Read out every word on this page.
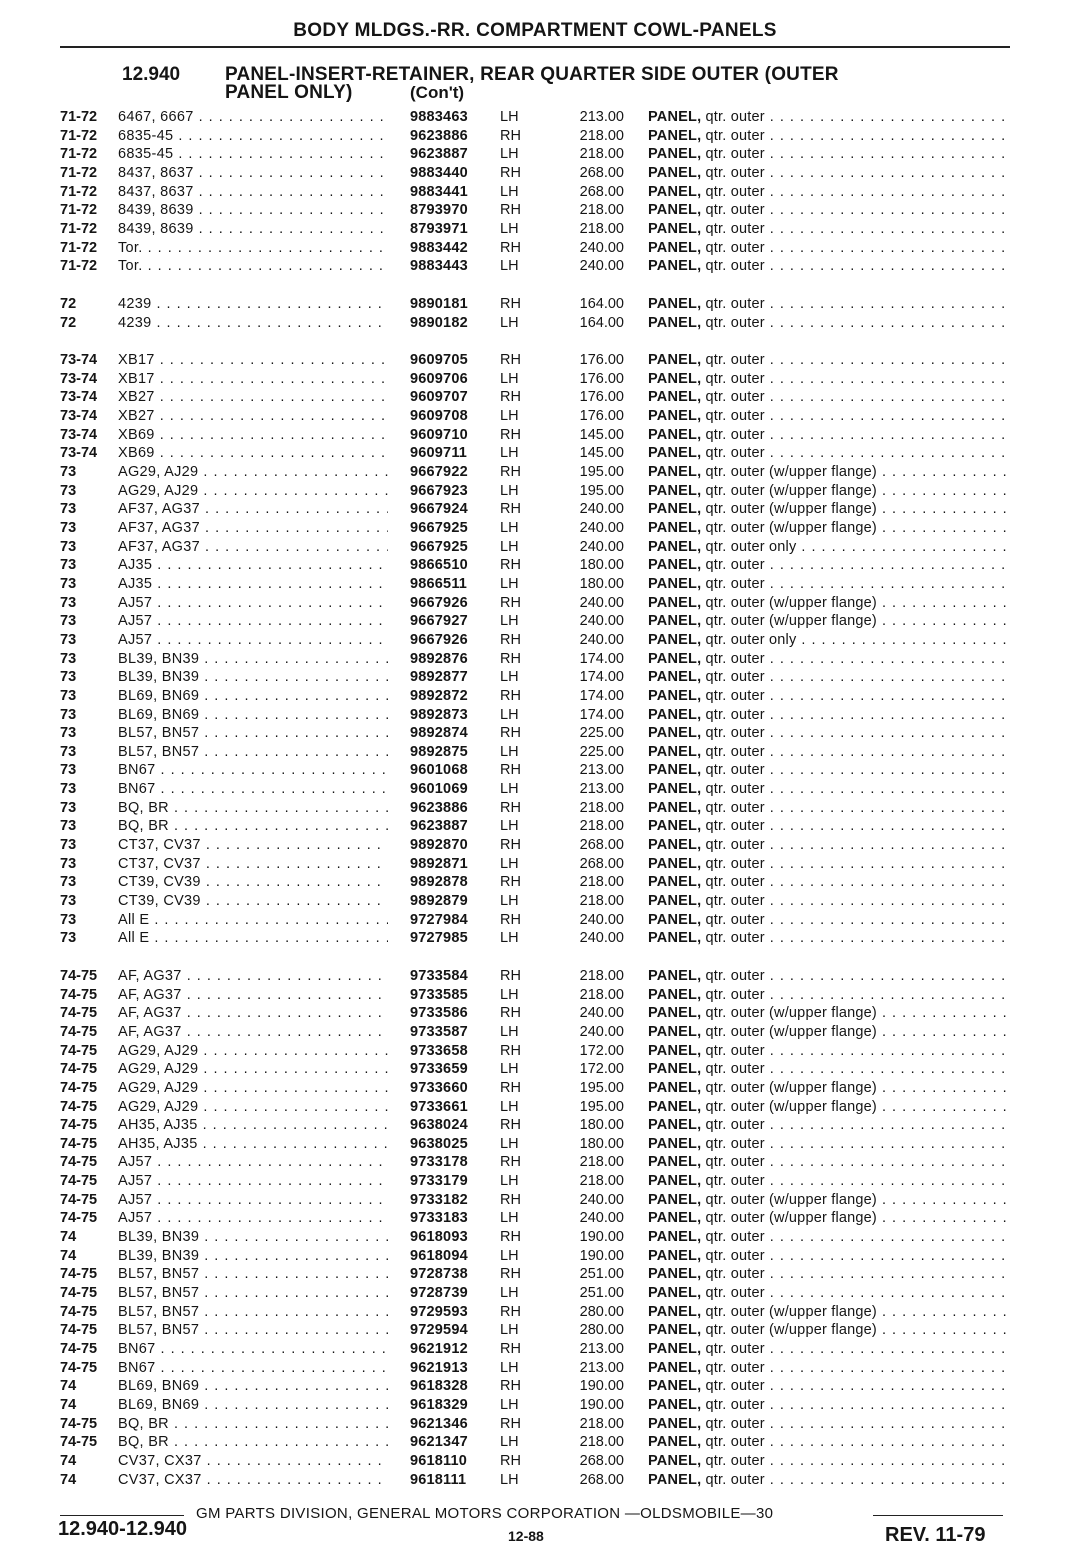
BODY MLDGS.-RR. COMPARTMENT COWL-PANELS
12.940 PANEL-INSERT-RETAINER, REAR QUARTER SIDE OUTER (OUTER
PANEL ONLY)	(Con't)
71-72	6467, 6667 . . .	9883463	LH	213.00 PANEL, qtr. outer . . .
71-72	6835-45 . . .	9623886	RH	218.00 PANEL, qtr. outer . . .
71-72	6835-45 . . .	9623887	LH	218.00 PANEL, qtr. outer . . .
71-72	8437, 8637 . . .	9883440	RH	268.00 PANEL, qtr. outer . . .
71-72	8437, 8637 . . .	9883441	LH	268.00 PANEL, qtr. outer . . .
71-72	8439, 8639 . . .	8793970	RH	218.00 PANEL, qtr. outer . . .
71-72	8439, 8639 . . .	8793971	LH	218.00 PANEL, qtr. outer . . .
71-72	Tor. . . .	9883442	RH	240.00 PANEL, qtr. outer . . .
71-72	Tor. . . .	9883443	LH	240.00 PANEL, qtr. outer . . .
72	4239 . . .	9890181	RH	164.00 PANEL, qtr. outer . . .
72	4239 . . .	9890182	LH	164.00 PANEL, qtr. outer . . .
73-74	XB17 . . .	9609705	RH	176.00 PANEL, qtr. outer . . .
73-74	XB17 . . .	9609706	LH	176.00 PANEL, qtr. outer . . .
73-74	XB27 . . .	9609707	RH	176.00 PANEL, qtr. outer . . .
73-74	XB27 . . .	9609708	LH	176.00 PANEL, qtr. outer . . .
73-74	XB69 . . .	9609710	RH	145.00 PANEL, qtr. outer . . .
73-74	XB69 . . .	9609711	LH	145.00 PANEL, qtr. outer . . .
73	AG29, AJ29 . . .	9667922	RH	195.00 PANEL, qtr. outer (w/upper flange) . . .
73	AG29, AJ29 . . .	9667923	LH	195.00 PANEL, qtr. outer (w/upper flange) . . .
73	AF37, AG37 . . .	9667924	RH	240.00 PANEL, qtr. outer (w/upper flange) . . .
73	AF37, AG37 . . .	9667925	LH	240.00 PANEL, qtr. outer (w/upper flange) . . .
73	AF37, AG37 . . .	9667925	LH	240.00 PANEL, qtr. outer only . . .
73	AJ35 . . .	9866510	RH	180.00 PANEL, qtr. outer . . .
73	AJ35 . . .	9866511	LH	180.00 PANEL, qtr. outer . . .
73	AJ57 . . .	9667926	RH	240.00 PANEL, qtr. outer (w/upper flange) . . .
73	AJ57 . . .	9667927	LH	240.00 PANEL, qtr. outer (w/upper flange) . . .
73	AJ57 . . .	9667926	RH	240.00 PANEL, qtr. outer only . . .
73	BL39, BN39 . . .	9892876	RH	174.00 PANEL, qtr. outer . . .
73	BL39, BN39 . . .	9892877	LH	174.00 PANEL, qtr. outer . . .
73	BL69, BN69 . . .	9892872	RH	174.00 PANEL, qtr. outer . . .
73	BL69, BN69 . . .	9892873	LH	174.00 PANEL, qtr. outer . . .
73	BL57, BN57 . . .	9892874	RH	225.00 PANEL, qtr. outer . . .
73	BL57, BN57 . . .	9892875	LH	225.00 PANEL, qtr. outer . . .
73	BN67 . . .	9601068	RH	213.00 PANEL, qtr. outer . . .
73	BN67 . . .	9601069	LH	213.00 PANEL, qtr. outer . . .
73	BQ, BR . . .	9623886	RH	218.00 PANEL, qtr. outer . . .
73	BQ, BR . . .	9623887	LH	218.00 PANEL, qtr. outer . . .
73	CT37, CV37 . . .	9892870	RH	268.00 PANEL, qtr. outer . . .
73	CT37, CV37 . . .	9892871	LH	268.00 PANEL, qtr. outer . . .
73	CT39, CV39 . . .	9892878	RH	218.00 PANEL, qtr. outer . . .
73	CT39, CV39 . . .	9892879	LH	218.00 PANEL, qtr. outer . . .
73	All E . . .	9727984	RH	240.00 PANEL, qtr. outer . . .
73	All E . . .	9727985	LH	240.00 PANEL, qtr. outer . . .
74-75	AF, AG37 . . .	9733584	RH	218.00 PANEL, qtr. outer . . .
74-75	AF, AG37 . . .	9733585	LH	218.00 PANEL, qtr. outer . . .
74-75	AF, AG37 . . .	9733586	RH	240.00 PANEL, qtr. outer (w/upper flange) . . .
74-75	AF, AG37 . . .	9733587	LH	240.00 PANEL, qtr. outer (w/upper flange) . . .
74-75	AG29, AJ29 . . .	9733658	RH	172.00 PANEL, qtr. outer . . .
74-75	AG29, AJ29 . . .	9733659	LH	172.00 PANEL, qtr. outer . . .
74-75	AG29, AJ29 . . .	9733660	RH	195.00 PANEL, qtr. outer (w/upper flange) . . .
74-75	AG29, AJ29 . . .	9733661	LH	195.00 PANEL, qtr. outer (w/upper flange) . . .
74-75	AH35, AJ35 . . .	9638024	RH	180.00 PANEL, qtr. outer . . .
74-75	AH35, AJ35 . . .	9638025	LH	180.00 PANEL, qtr. outer . . .
74-75	AJ57 . . .	9733178	RH	218.00 PANEL, qtr. outer . . .
74-75	AJ57 . . .	9733179	LH	218.00 PANEL, qtr. outer . . .
74-75	AJ57 . . .	9733182	RH	240.00 PANEL, qtr. outer (w/upper flange) . . .
74-75	AJ57 . . .	9733183	LH	240.00 PANEL, qtr. outer (w/upper flange) . . .
74	BL39, BN39 . . .	9618093	RH	190.00 PANEL, qtr. outer . . .
74	BL39, BN39 . . .	9618094	LH	190.00 PANEL, qtr. outer . . .
74-75	BL57, BN57 . . .	9728738	RH	251.00 PANEL, qtr. outer . . .
74-75	BL57, BN57 . . .	9728739	LH	251.00 PANEL, qtr. outer . . .
74-75	BL57, BN57 . . .	9729593	RH	280.00 PANEL, qtr. outer (w/upper flange) . . .
74-75	BL57, BN57 . . .	9729594	LH	280.00 PANEL, qtr. outer (w/upper flange) . . .
74-75	BN67 . . .	9621912	RH	213.00 PANEL, qtr. outer . . .
74-75	BN67 . . .	9621913	LH	213.00 PANEL, qtr. outer . . .
74	BL69, BN69 . . .	9618328	RH	190.00 PANEL, qtr. outer . . .
74	BL69, BN69 . . .	9618329	LH	190.00 PANEL, qtr. outer . . .
74-75	BQ, BR . . .	9621346	RH	218.00 PANEL, qtr. outer . . .
74-75	BQ, BR . . .	9621347	LH	218.00 PANEL, qtr. outer . . .
74	CV37, CX37 . . .	9618110	RH	268.00 PANEL, qtr. outer . . .
74	CV37, CX37 . . .	9618111	LH	268.00 PANEL, qtr. outer . . .
GM PARTS DIVISION, GENERAL MOTORS CORPORATION —OLDSMOBILE—30
12.940-12.940	12-88	REV. 11-79
